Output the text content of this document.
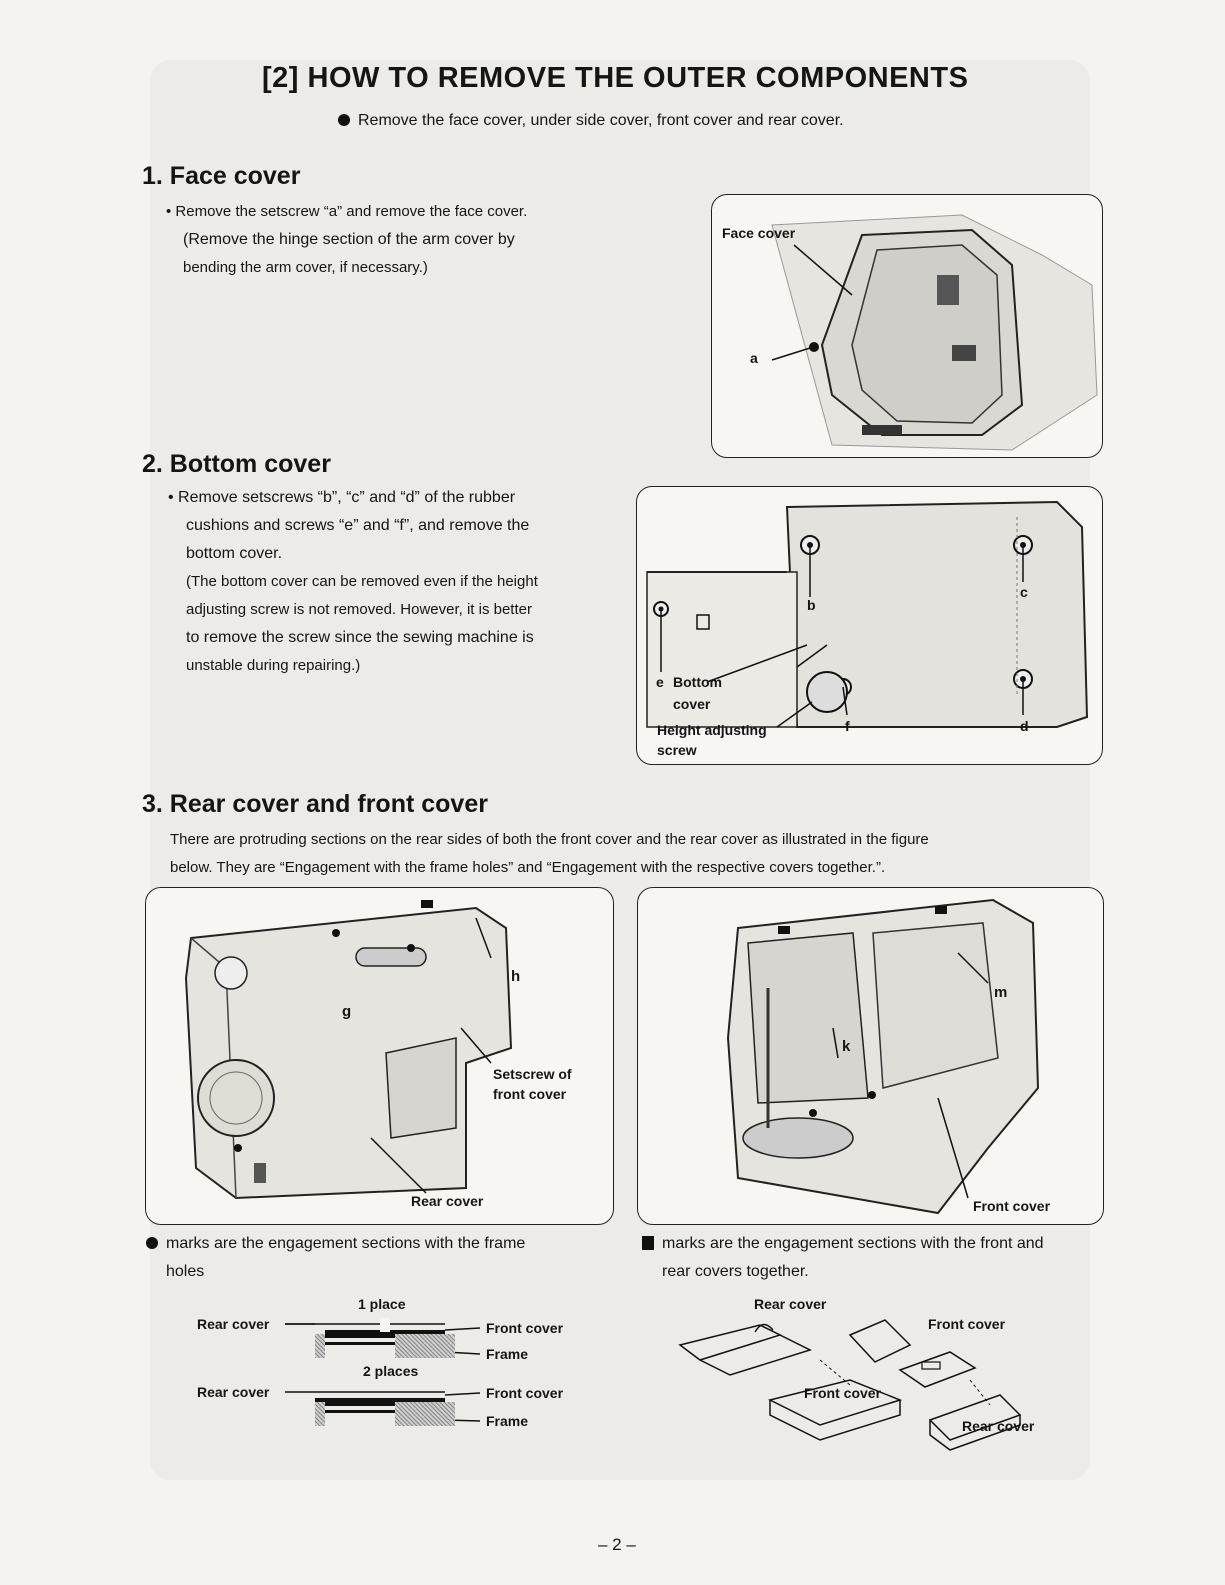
[2] HOW TO REMOVE THE OUTER COMPONENTS
Remove the face cover, under side cover, front cover and rear cover.
1. Face cover
• Remove the setscrew “a” and remove the face cover.
(Remove the hinge section of the arm cover by
bending the arm cover, if necessary.)
Face cover
a
2. Bottom cover
• Remove setscrews “b”, “c” and “d” of the rubber
cushions and screws “e” and “f”, and remove the
bottom cover.
(The bottom cover can be removed even if the height
adjusting screw is not removed. However, it is better
to remove the screw since the sewing machine is
unstable during repairing.)
b
c
d
e Bottom
cover
f
Height adjusting
screw
3. Rear cover and front cover
There are protruding sections on the rear sides of both the front cover and the rear cover as illustrated in the figure
below. They are “Engagement with the frame holes” and “Engagement with the respective covers together.”.
g
h
Setscrew of
front cover
Rear cover
k
m
Front cover
marks are the engagement sections with the frame
holes
marks are the engagement sections with the front and
rear covers together.
1 place
2 places
Rear cover
Rear cover
Front cover
Frame
Front cover
Frame
Rear cover
Front cover
Front cover
Rear cover
– 2 –
